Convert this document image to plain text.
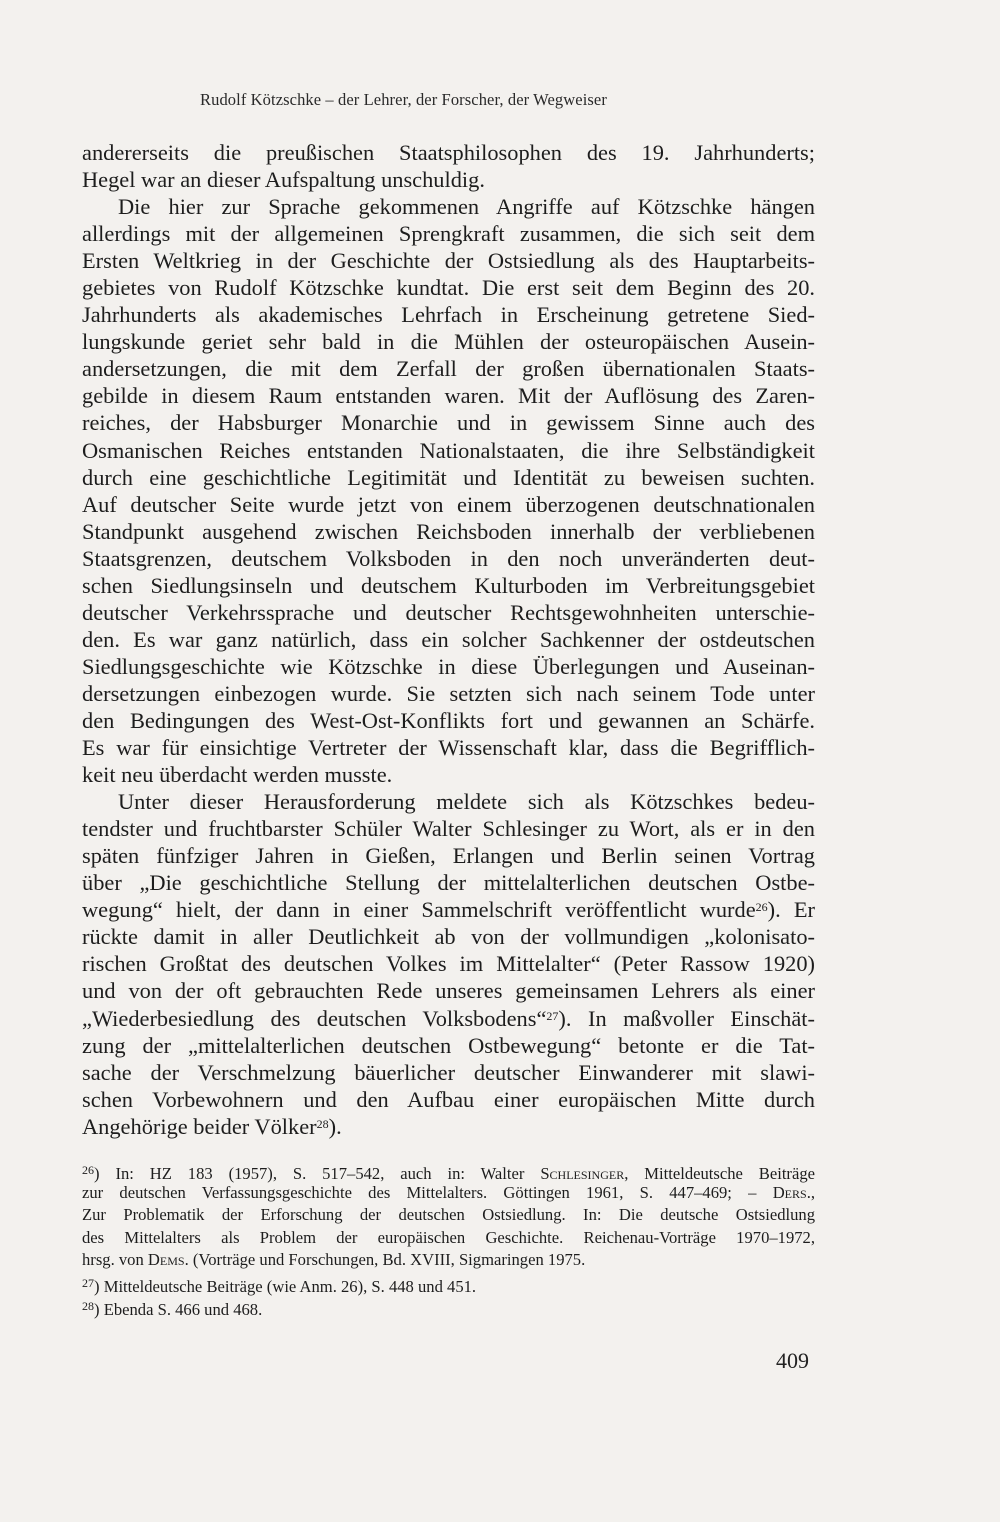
Rudolf Kötzschke – der Lehrer, der Forscher, der Wegweiser
andererseits die preußischen Staatsphilosophen des 19. Jahrhunderts;
Hegel war an dieser Aufspaltung unschuldig.
Die hier zur Sprache gekommenen Angriffe auf Kötzschke hängen
allerdings mit der allgemeinen Sprengkraft zusammen, die sich seit dem
Ersten Weltkrieg in der Geschichte der Ostsiedlung als des Hauptarbeits-
gebietes von Rudolf Kötzschke kundtat. Die erst seit dem Beginn des 20.
Jahrhunderts als akademisches Lehrfach in Erscheinung getretene Sied-
lungskunde geriet sehr bald in die Mühlen der osteuropäischen Ausein-
andersetzungen, die mit dem Zerfall der großen übernationalen Staats-
gebilde in diesem Raum entstanden waren. Mit der Auflösung des Zaren-
reiches, der Habsburger Monarchie und in gewissem Sinne auch des
Osmanischen Reiches entstanden Nationalstaaten, die ihre Selbständigkeit
durch eine geschichtliche Legitimität und Identität zu beweisen suchten.
Auf deutscher Seite wurde jetzt von einem überzogenen deutschnationalen
Standpunkt ausgehend zwischen Reichsboden innerhalb der verbliebenen
Staatsgrenzen, deutschem Volksboden in den noch unveränderten deut-
schen Siedlungsinseln und deutschem Kulturboden im Verbreitungsgebiet
deutscher Verkehrssprache und deutscher Rechtsgewohnheiten unterschie-
den. Es war ganz natürlich, dass ein solcher Sachkenner der ostdeutschen
Siedlungsgeschichte wie Kötzschke in diese Überlegungen und Auseinan-
dersetzungen einbezogen wurde. Sie setzten sich nach seinem Tode unter
den Bedingungen des West-Ost-Konflikts fort und gewannen an Schärfe.
Es war für einsichtige Vertreter der Wissenschaft klar, dass die Begrifflich-
keit neu überdacht werden musste.
Unter dieser Herausforderung meldete sich als Kötzschkes bedeu-
tendster und fruchtbarster Schüler Walter Schlesinger zu Wort, als er in den
späten fünfziger Jahren in Gießen, Erlangen und Berlin seinen Vortrag
über „Die geschichtliche Stellung der mittelalterlichen deutschen Ostbe-
wegung“ hielt, der dann in einer Sammelschrift veröffentlicht wurde$^{26}$). Er
rückte damit in aller Deutlichkeit ab von der vollmundigen „kolonisato-
rischen Großtat des deutschen Volkes im Mittelalter“ (Peter Rassow 1920)
und von der oft gebrauchten Rede unseres gemeinsamen Lehrers als einer
„Wiederbesiedlung des deutschen Volksbodens“$^{27}$). In maßvoller Einschät-
zung der „mittelalterlichen deutschen Ostbewegung“ betonte er die Tat-
sache der Verschmelzung bäuerlicher deutscher Einwanderer mit slawi-
schen Vorbewohnern und den Aufbau einer europäischen Mitte durch
Angehörige beider Völker$^{28}$).
$^{26}$) In: HZ 183 (1957), S. 517–542, auch in: Walter Schlesinger, Mitteldeutsche Beiträge
zur deutschen Verfassungsgeschichte des Mittelalters. Göttingen 1961, S. 447–469; – Ders.,
Zur Problematik der Erforschung der deutschen Ostsiedlung. In: Die deutsche Ostsiedlung
des Mittelalters als Problem der europäischen Geschichte. Reichenau-Vorträge 1970–1972,
hrsg. von Dems. (Vorträge und Forschungen, Bd. XVIII, Sigmaringen 1975.
$^{27}$) Mitteldeutsche Beiträge (wie Anm. 26), S. 448 und 451.
$^{28}$) Ebenda S. 466 und 468.
409
